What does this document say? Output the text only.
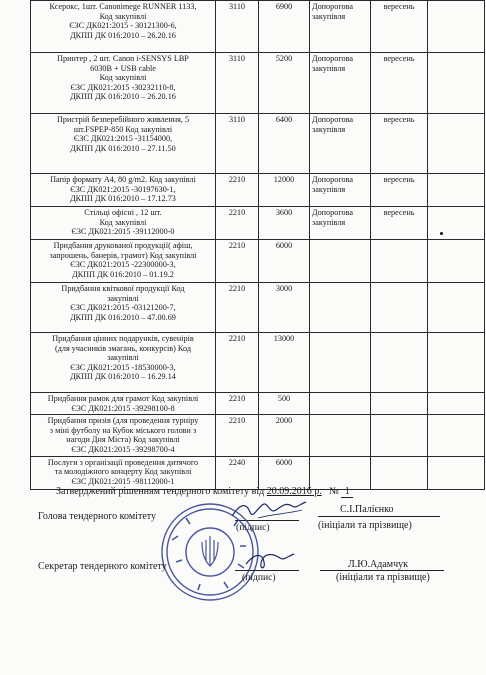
Ксерокс, 1шт. Canonimege RUNNER 1133,
Код закупівлі
ЄЗС ДК021:2015 - 30121300-6,
ДКПП ДК 016:2010 – 26.20.16	3110	6900	Допорогова закупівля	вересень	

Принтер , 2 шт. Canon i-SENSYS LBP
6030B + USB cable
Код закупівлі
ЄЗС ДК021:2015 -30232110-8,
ДКПП ДК 016:2010 – 26.20.16	3110	5200	Допорогова закупівля	вересень	

Пристрій безперебійного живлення, 5
шт.FSPEP-850 Код закупівлі
ЄЗС ДК021:2015 -31154000,
ДКПП ДК 016:2010 – 27.11.50	3110	6400	Допорогова закупівля	вересень	

Папір формату А4, 80 g/m2. Код закупівлі
ЄЗС ДК021:2015 -30197630-1,
ДКПП ДК 016:2010 – 17.12.73	2210	12000	Допорогова закупівля	вересень	

Стільці офісні , 12 шт.
Код закупівлі
ЄЗС ДК021:2015 -39112000-0	2210	3600	Допорогова закупівля	вересень	

Придбання друкованої продукції( афіш,
запрошень, банерів, грамот) Код закупівлі
ЄЗС ДК021:2015 -22300000-3,
ДКПП ДК 016:2010 – 01.19.2	2210	6000			

Придбання квіткової продукції Код
закупівлі
ЄЗС ДК021:2015 -03121200-7,
ДКПП ДК 016:2010 – 47.00.69	2210	3000			

Придбання цінних подарунків, сувенірів
(для учасників змагань, конкурсів) Код
закупівлі
ЄЗС ДК021:2015 -18530000-3,
ДКПП ДК 016:2010 – 16.29.14	2210	13000			

Придбання рамок для грамот Код закупівлі
ЄЗС ДК021:2015 -39298100-8	2210	500			

Придбання призів (для проведення турніру
з міні футболу на Кубок міського голови з
нагоди Дня Міста) Код закупівлі
ЄЗС ДК021:2015 -39298700-4	2210	2000			

Послуги з організації проведення дитячого
та молодіжного концерту Код закупівлі
ЄЗС ДК021:2015 -98112000-1	2240	6000			
Затверджений рішенням тендерного комітету від 20.09.2016 р. № 1
Голова тендерного комітету
(підпис)
С.І.Палієнко
(ініціали та прізвище)
Секретар тендерного комітету
(підпис)
Л.Ю.Адамчук
(ініціали та прізвище)
